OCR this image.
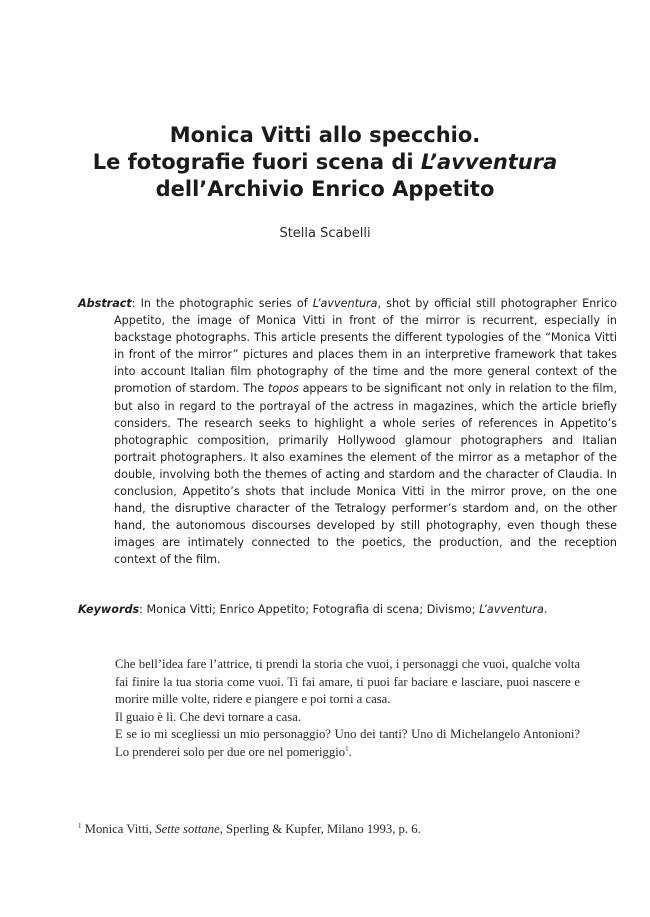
Monica Vitti allo specchio.
Le fotografie fuori scena di L’avventura
dell’Archivio Enrico Appetito
Stella Scabelli
Abstract: In the photographic series of L’avventura, shot by official still photographer Enrico Appetito, the image of Monica Vitti in front of the mirror is recurrent, especially in backstage photographs. This article presents the different typologies of the “Monica Vitti in front of the mirror” pictures and places them in an interpretive framework that takes into account Italian film photography of the time and the more general context of the promotion of stardom. The topos appears to be significant not only in relation to the film, but also in regard to the portrayal of the actress in magazines, which the article briefly considers. The research seeks to highlight a whole series of references in Appetito’s photographic composition, primarily Hollywood glamour photographers and Italian portrait photographers. It also examines the element of the mirror as a metaphor of the double, involving both the themes of acting and stardom and the character of Claudia. In conclusion, Appetito’s shots that include Monica Vitti in the mirror prove, on the one hand, the disruptive character of the Tetralogy performer’s stardom and, on the other hand, the autonomous discourses developed by still photography, even though these images are intimately connected to the poetics, the production, and the reception context of the film.
Keywords: Monica Vitti; Enrico Appetito; Fotografia di scena; Divismo; L’avventura.

Che bell’idea fare l’attrice, ti prendi la storia che vuoi, i personaggi che vuoi, qualche volta fai finire la tua storia come vuoi. Ti fai amare, ti puoi far baciare e lasciare, puoi nascere e morire mille volte, ridere e piangere e poi torni a casa.

Il guaio è lì. Che devi tornare a casa.

E se io mi scegliessi un mio personaggio? Uno dei tanti? Uno di Michelangelo Antonioni? Lo prenderei solo per due ore nel pomeriggio$^1$.

$^1$ Monica Vitti, Sette sottane, Sperling & Kupfer, Milano 1993, p. 6.
